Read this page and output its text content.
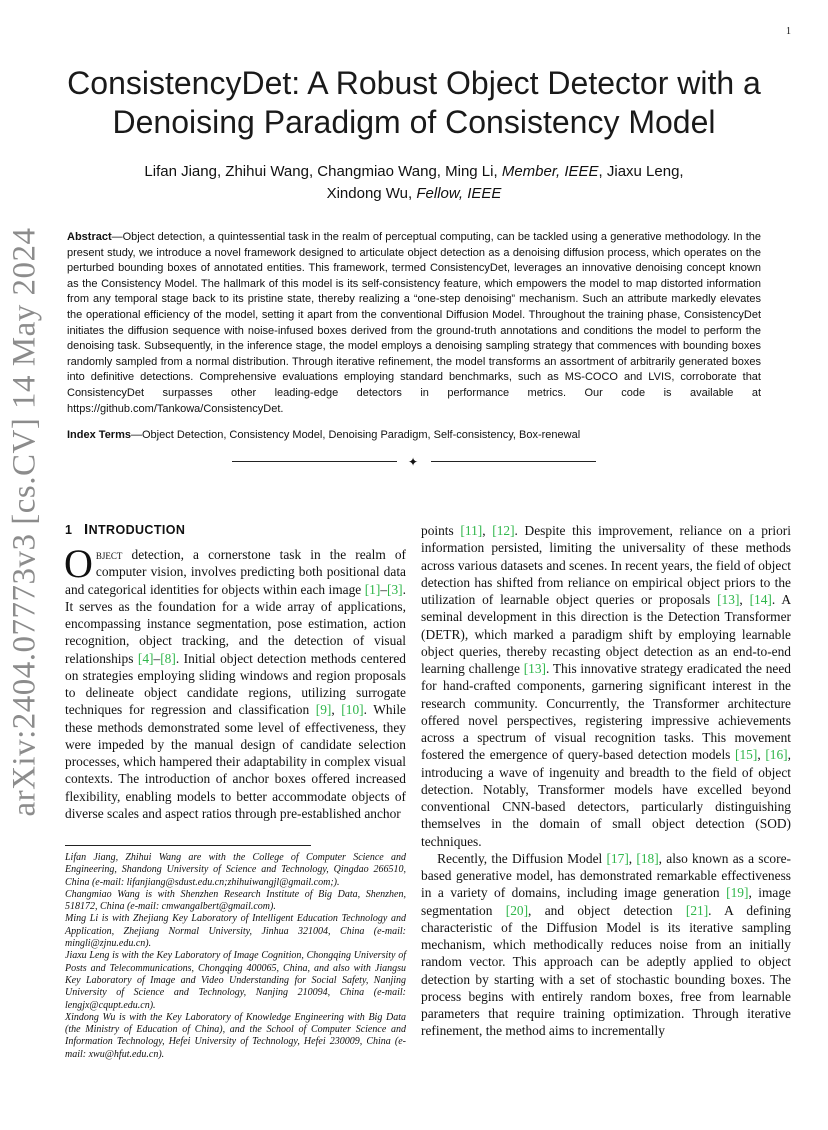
1
arXiv:2404.07773v3 [cs.CV] 14 May 2024
ConsistencyDet: A Robust Object Detector with a Denoising Paradigm of Consistency Model
Lifan Jiang, Zhihui Wang, Changmiao Wang, Ming Li, Member, IEEE, Jiaxu Leng,
Xindong Wu, Fellow, IEEE
Abstract—Object detection, a quintessential task in the realm of perceptual computing, can be tackled using a generative methodology. In the present study, we introduce a novel framework designed to articulate object detection as a denoising diffusion process, which operates on the perturbed bounding boxes of annotated entities. This framework, termed ConsistencyDet, leverages an innovative denoising concept known as the Consistency Model. The hallmark of this model is its self-consistency feature, which empowers the model to map distorted information from any temporal stage back to its pristine state, thereby realizing a “one-step denoising” mechanism. Such an attribute markedly elevates the operational efficiency of the model, setting it apart from the conventional Diffusion Model. Throughout the training phase, ConsistencyDet initiates the diffusion sequence with noise-infused boxes derived from the ground-truth annotations and conditions the model to perform the denoising task. Subsequently, in the inference stage, the model employs a denoising sampling strategy that commences with bounding boxes randomly sampled from a normal distribution. Through iterative refinement, the model transforms an assortment of arbitrarily generated boxes into definitive detections. Comprehensive evaluations employing standard benchmarks, such as MS-COCO and LVIS, corroborate that ConsistencyDet surpasses other leading-edge detectors in performance metrics. Our code is available at https://github.com/Tankowa/ConsistencyDet.
Index Terms—Object Detection, Consistency Model, Denoising Paradigm, Self-consistency, Box-renewal
✦
1 INTRODUCTION

Object detection, a cornerstone task in the realm of computer vision, involves predicting both positional data and categorical identities for objects within each image [1]–[3]. It serves as the foundation for a wide array of applications, encompassing instance segmentation, pose estimation, action recognition, object tracking, and the detection of visual relationships [4]–[8]. Initial object detection methods centered on strategies employing sliding windows and region proposals to delineate object candidate regions, utilizing surrogate techniques for regression and classification [9], [10]. While these methods demonstrated some level of effectiveness, they were impeded by the manual design of candidate selection processes, which hampered their adaptability in complex visual contexts. The introduction of anchor boxes offered increased flexibility, enabling models to better accommodate objects of diverse scales and aspect ratios through pre-established anchor

Lifan Jiang, Zhihui Wang are with the College of Computer Science and Engineering, Shandong University of Science and Technology, Qingdao 266510, China (e-mail: lifanjiang@sdust.edu.cn;zhihuiwangjl@gmail.com;).

Changmiao Wang is with Shenzhen Research Institute of Big Data, Shenzhen, 518172, China (e-mail: cmwangalbert@gmail.com).

Ming Li is with Zhejiang Key Laboratory of Intelligent Education Technology and Application, Zhejiang Normal University, Jinhua 321004, China (e-mail: mingli@zjnu.edu.cn).

Jiaxu Leng is with the Key Laboratory of Image Cognition, Chongqing University of Posts and Telecommunications, Chongqing 400065, China, and also with Jiangsu Key Laboratory of Image and Video Understanding for Social Safety, Nanjing University of Science and Technology, Nanjing 210094, China (e-mail: lengjx@cqupt.edu.cn).

Xindong Wu is with the Key Laboratory of Knowledge Engineering with Big Data (the Ministry of Education of China), and the School of Computer Science and Information Technology, Hefei University of Technology, Hefei 230009, China (e-mail: xwu@hfut.edu.cn).

points [11], [12]. Despite this improvement, reliance on a priori information persisted, limiting the universality of these methods across various datasets and scenes. In recent years, the field of object detection has shifted from reliance on empirical object priors to the utilization of learnable object queries or proposals [13], [14]. A seminal development in this direction is the Detection Transformer (DETR), which marked a paradigm shift by employing learnable object queries, thereby recasting object detection as an end-to-end learning challenge [13]. This innovative strategy eradicated the need for hand-crafted components, garnering significant interest in the research community. Concurrently, the Transformer architecture offered novel perspectives, registering impressive achievements across a spectrum of visual recognition tasks. This movement fostered the emergence of query-based detection models [15], [16], introducing a wave of ingenuity and breadth to the field of object detection. Notably, Transformer models have excelled beyond conventional CNN-based detectors, particularly distinguishing themselves in the domain of small object detection (SOD) techniques.

Recently, the Diffusion Model [17], [18], also known as a score-based generative model, has demonstrated remarkable effectiveness in a variety of domains, including image generation [19], image segmentation [20], and object detection [21]. A defining characteristic of the Diffusion Model is its iterative sampling mechanism, which methodically reduces noise from an initially random vector. This approach can be adeptly applied to object detection by starting with a set of stochastic bounding boxes. The process begins with entirely random boxes, free from learnable parameters that require training optimization. Through iterative refinement, the method aims to incrementally
